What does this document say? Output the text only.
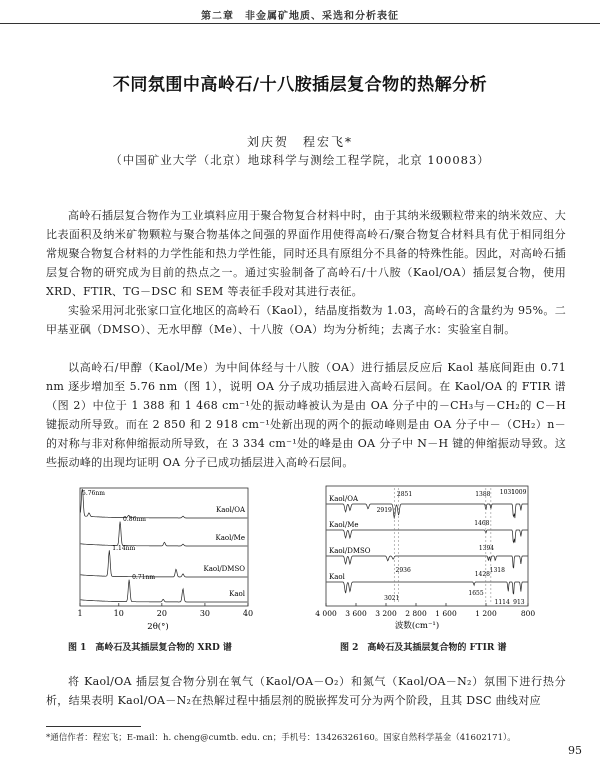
第二章　非金属矿地质、采选和分析表征
不同氛围中高岭石/十八胺插层复合物的热解分析
刘庆贺　程宏飞*
（中国矿业大学（北京）地球科学与测绘工程学院，北京 100083）

高岭石插层复合物作为工业填料应用于聚合物复合材料中时，由于其纳米级颗粒带来的纳米效应、大比表面积及纳米矿物颗粒与聚合物基体之间强的界面作用使得高岭石/聚合物复合材料具有优于相同组分常规聚合物复合材料的力学性能和热力学性能，同时还具有原组分不具备的特殊性能。因此，对高岭石插层复合物的研究成为目前的热点之一。通过实验制备了高岭石/十八胺（Kaol/OA）插层复合物，使用 XRD、FTIR、TG－DSC 和 SEM 等表征手段对其进行表征。

实验采用河北张家口宣化地区的高岭石（Kaol），结晶度指数为 1.03，高岭石的含量约为 95%。二甲基亚砜（DMSO）、无水甲醇（Me）、十八胺（OA）均为分析纯；去离子水：实验室自制。

以高岭石/甲醇（Kaol/Me）为中间体经与十八胺（OA）进行插层反应后 Kaol 基底间距由 0.71 nm 逐步增加至 5.76 nm（图 1），说明 OA 分子成功插层进入高岭石层间。在 Kaol/OA 的 FTIR 谱（图 2）中位于 1 388 和 1 468 cm⁻¹处的振动峰被认为是由 OA 分子中的－CH₃与－CH₂的 C－H 键振动所导致。而在 2 850 和 2 918 cm⁻¹处新出现的两个的振动峰则是由 OA 分子中－（CH₂）n－的对称与非对称伸缩振动所导致，在 3 334 cm⁻¹处的峰是由 OA 分子中 N－H 键的伸缩振动导致。这些振动峰的出现均证明 OA 分子已成功插层进入高岭石层间。

Kaol/OA
Kaol/Me
0.86nm
Kaol/DMSO
1.14nm
Kaol
0.71nm
5.76nm
1	10	20	30	40
2θ(°)
图 1　高岭石及其插层复合物的 XRD 谱
Kaol/OA
Kaol/Me
Kaol/DMSO
Kaol
2851
2919
1388 1031
1009
1468
1394
3021
2936
1428
1318
1655
1114 913
4 000 3 600 3 200 2 800 1 600 1 200	800
波数(cm⁻¹)
图 2　高岭石及其插层复合物的 FTIR 谱

将 Kaol/OA 插层复合物分别在氧气（Kaol/OA－O₂）和氮气（Kaol/OA－N₂）氛围下进行热分析，结果表明 Kaol/OA－N₂在热解过程中插层剂的脱嵌挥发可分为两个阶段，且其 DSC 曲线对应

*通信作者：程宏飞；E-mail：h. cheng@cumtb. edu. cn；手机号：13426326160。国家自然科学基金（41602171）。
95
